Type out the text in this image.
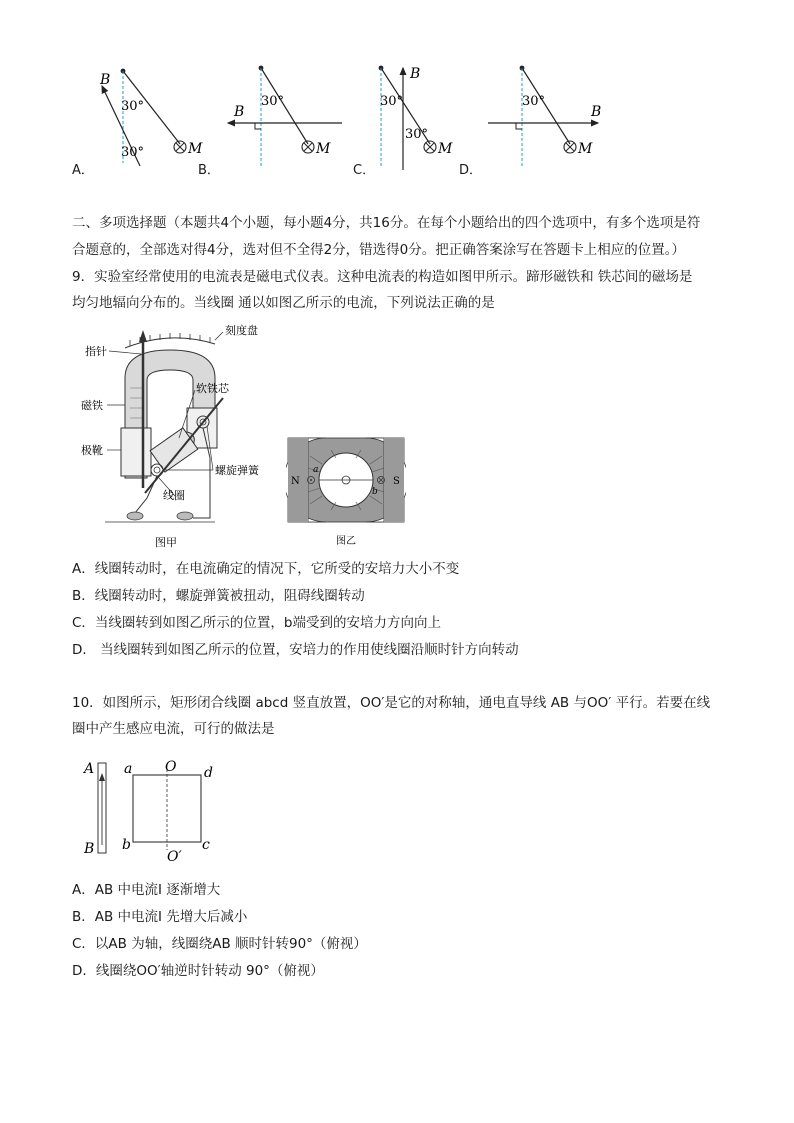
B
30°
30°	M
B
30°
M
B
30°
30°
M
B
30°
M
A．	B．	C．	D．
二、多项选择题（本题共4个小题，每小题4分，共16分。在每个小题给出的四个选项中，有多个选项是符
合题意的，全部选对得4分，选对但不全得2分，错选得0分。把正确答案涂写在答题卡上相应的位置。）
9．实验室经常使用的电流表是磁电式仪表。这种电流表的构造如图甲所示。蹄形磁铁和 铁芯间的磁场是
均匀地辐向分布的。当线圈 通以如图乙所示的电流，下列说法正确的是
刻度盘
指针
软铁芯
磁铁
极靴
螺旋弹簧
线圈
图甲
N	S
a
b
图乙
A．线圈转动时，在电流确定的情况下，它所受的安培力大小不变
B．线圈转动时，螺旋弹簧被扭动，阻碍线圈转动
C．当线圈转到如图乙所示的位置，b端受到的安培力方向向上
D． 当线圈转到如图乙所示的位置，安培力的作用使线圈沿顺时针方向转动
10．如图所示，矩形闭合线圈 abcd 竖直放置，OO′是它的对称轴，通电直导线 AB 与OO′ 平行。若要在线
圈中产生感应电流，可行的做法是
A
B
a
b
O
O′
d
c
A．AB 中电流I 逐渐增大
B．AB 中电流I 先增大后减小
C．以AB 为轴，线圈绕AB 顺时针转90°（俯视）
D．线圈绕OO′轴逆时针转动 90°（俯视）
